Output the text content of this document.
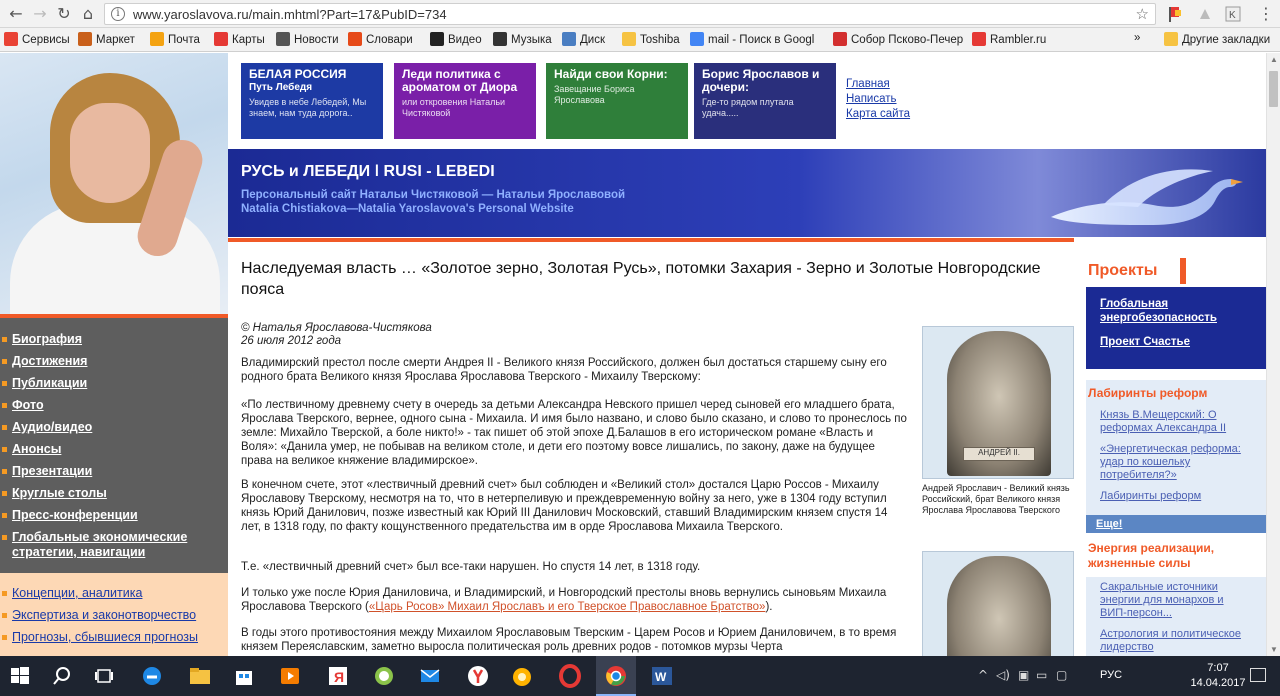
← → ↻ ⌂	i	www.yaroslavova.ru/main.mhtml?Part=17&PubID=734	☆	K ⋮
Сервисы	Маркет	Почта	Карты	Новости	Словари	Видео	Музыка	Диск	Toshiba	mail - Поиск в Googl	Собор Псково-Печер	Rambler.ru	»	Другие закладки
Биография
Достижения
Публикации
Фото
Аудио/видео
Анонсы
Презентации
Круглые столы
Пресс-конференции
Глобальные экономические стратегии, навигации
Концепции, аналитика
Экспертиза и законотворчество
Прогнозы, сбывшиеся прогнозы
БЕЛАЯ РОССИЯ
Путь Лебедя
Увидев в небе Лебедей, Мы знаем, нам туда дорога..
Леди политика с ароматом от Диора
или откровения Натальи Чистяковой
Найди свои Корни:
Завещание Бориса Ярославова
Борис Ярославов и дочери:
Где-то рядом плутала удача.....
Главная
Написать
Карта сайта
РУСЬ и ЛЕБЕДИ ǀ RUSI - LEBEDI
Персональный сайт Натальи Чистяковой — Натальи Ярославовой
Natalia Chistiakova—Natalia Yaroslavova's Personal Website
Наследуемая власть … «Золотое зерно, Золотая Русь», потомки Захария - Зерно и Золотые Новгородские пояса
© Наталья Ярославова-Чистякова
26 июля 2012 года
Владимирский престол после смерти Андрея II - Великого князя Российского, должен был достаться старшему сыну его родного брата Великого князя Ярослава Ярославова Тверского - Михаилу Тверскому:
«По лествичному древнему счету в очередь за детьми Александра Невского пришел черед сыновей его младшего брата, Ярослава Тверского, вернее, одного сына - Михаила. И имя было названо, и слово было сказано, и слово то пронеслось по земле: Михайло Тверской, а боле никто!» - так пишет об этой эпохе Д.Балашов в его историческом романе «Власть и Воля»: «Данила умер, не побывав на великом столе, и дети его поэтому вовсе лишались, по закону, даже на будущее права на великое княжение владимирское».
В конечном счете, этот «лествичный древний счет» был соблюден и «Великий стол» достался Царю Россов - Михаилу Ярославову Тверскому, несмотря на то, что в нетерпеливую и преждевременную войну за него, уже в 1304 году вступил князь Юрий Данилович, позже известный как Юрий III Данилович Московский, ставший Владимирским князем спустя 14 лет, в 1318 году, по факту кощунственного предательства им в орде Ярославова Михаила Тверского.
Т.е. «лествичный древний счет» был все-таки нарушен. Но спустя 14 лет, в 1318 году.
И только уже после Юрия Даниловича, и Владимирский, и Новгородский престолы вновь вернулись сыновьям Михаила Ярославова Тверского («Царь Росов» Михаил Ярославъ и его Тверское Православное Братство»).
В годы этого противостояния между Михаилом Ярославовым Тверским - Царем Росов и Юрием Даниловичем, в то время князем Переяславским, заметно выросла политическая роль древних родов - потомков мурзы Черта
АНДРЕЙ II.
Андрей Ярославич - Великий князь Российский, брат Великого князя Ярослава Ярославова Тверского
Проекты
Глобальная энергобезопасность
Проект Счастье
Лабиринты реформ
Князь В.Мещерский: О реформах Александра II
«Энергетическая реформа: удар по кошельку потребителя?»
Лабиринты реформ
Еще!
Энергия реализации, жизненные силы
Сакральные источники энергии для монархов и ВИП-персон...
Астрология и политическое лидерство
▲
▼
Я	W	^ ◁) ▣ ▭ ▢	РУС
7:07
14.04.2017
